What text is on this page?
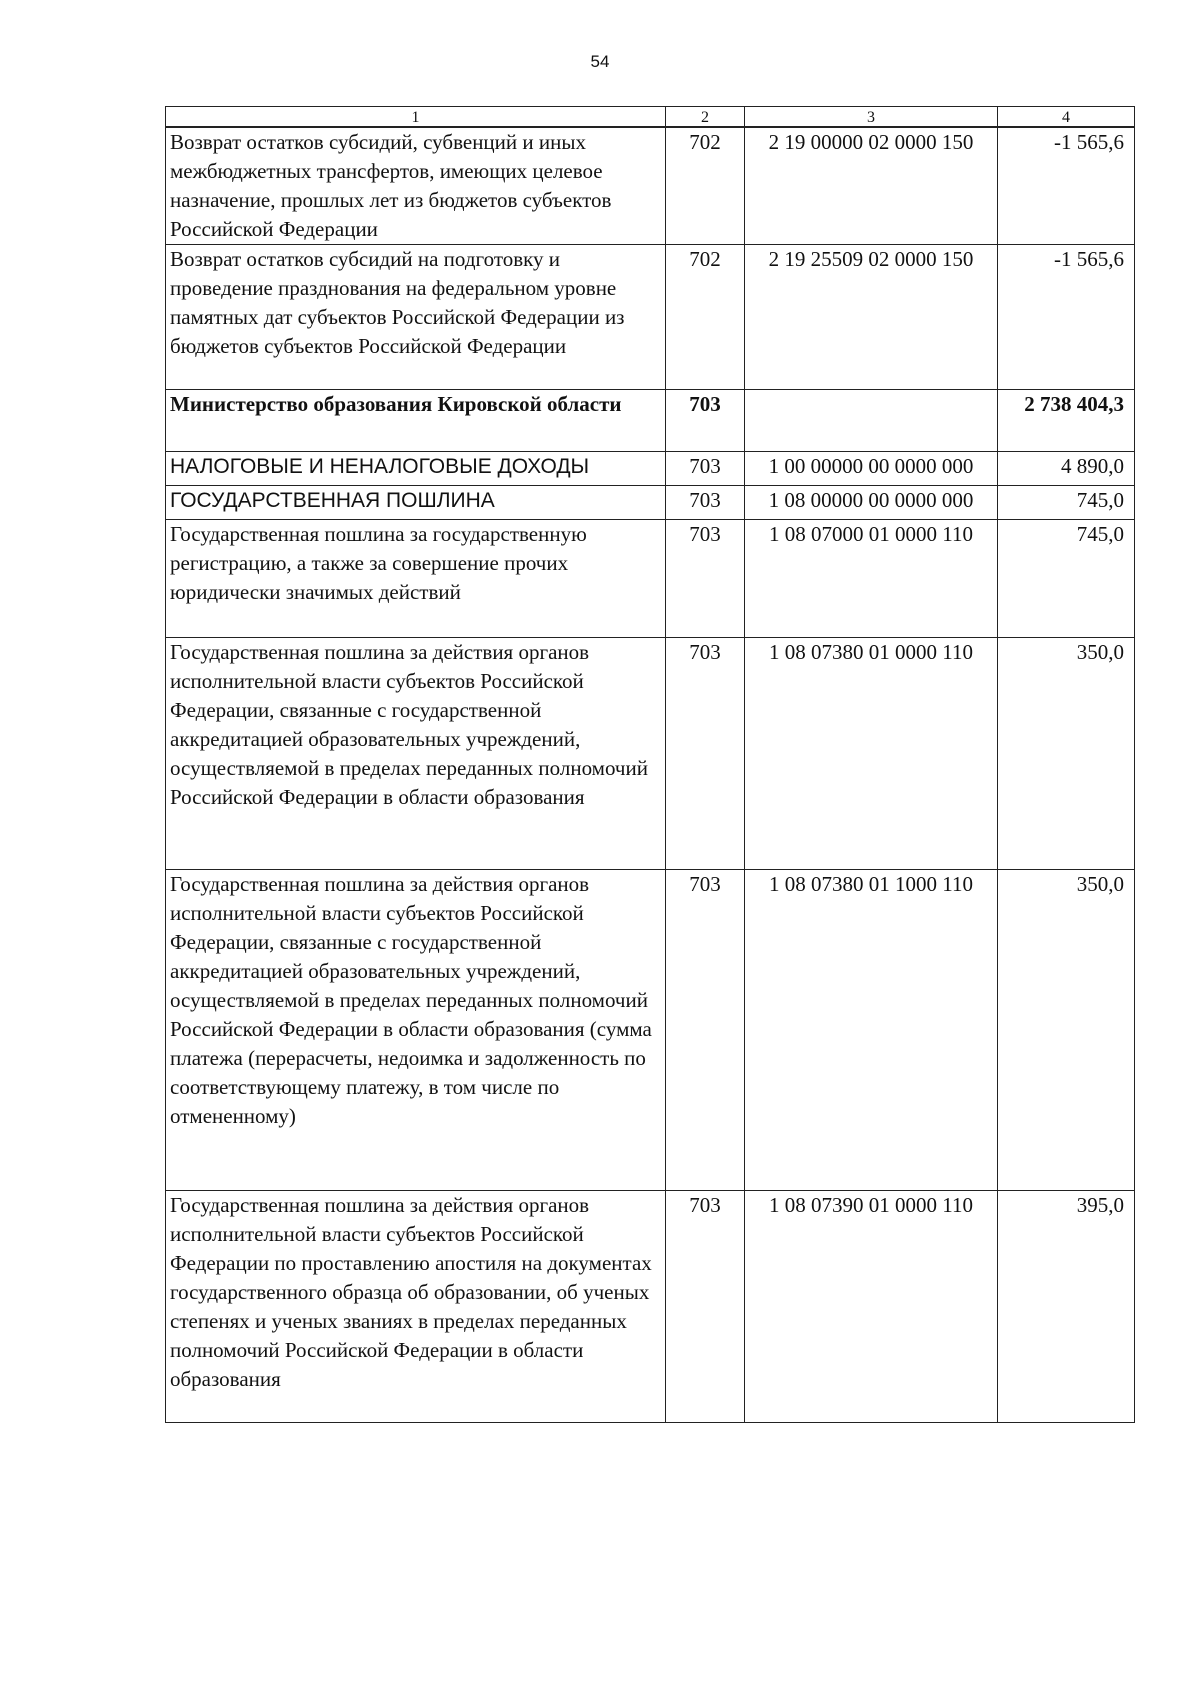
54
1	2	3	4
Возврат остатков субсидий, субвенций и иных межбюджетных трансфертов, имеющих целевое назначение, прошлых лет из бюджетов субъектов Российской Федерации	702	2 19 00000 02 0000 150	-1 565,6
Возврат остатков субсидий на подготовку и проведение празднования на федеральном уровне памятных дат субъектов Российской Федерации из бюджетов субъектов Российской Федерации	702	2 19 25509 02 0000 150	-1 565,6
Министерство образования Кировской области	703		2 738 404,3
НАЛОГОВЫЕ И НЕНАЛОГОВЫЕ ДОХОДЫ	703	1 00 00000 00 0000 000	4 890,0
ГОСУДАРСТВЕННАЯ ПОШЛИНА	703	1 08 00000 00 0000 000	745,0
Государственная пошлина за государственную регистрацию, а также за совершение прочих юридически значимых действий	703	1 08 07000 01 0000 110	745,0
Государственная пошлина за действия органов исполнительной власти субъектов Российской Федерации, связанные с государственной аккредитацией образовательных учреждений, осуществляемой в пределах переданных полномочий Российской Федерации в области образования	703	1 08 07380 01 0000 110	350,0
Государственная пошлина за действия органов исполнительной власти субъектов Российской Федерации, связанные с государственной аккредитацией образовательных учреждений, осуществляемой в пределах переданных полномочий Российской Федерации в области образования (сумма платежа (перерасчеты, недоимка и задолженность по соответствующему платежу, в том числе по отмененному)	703	1 08 07380 01 1000 110	350,0
Государственная пошлина за действия органов исполнительной власти субъектов Российской Федерации по проставлению апостиля на документах государственного образца об образовании, об ученых степенях и ученых званиях в пределах переданных полномочий Российской Федерации в области образования	703	1 08 07390 01 0000 110	395,0
